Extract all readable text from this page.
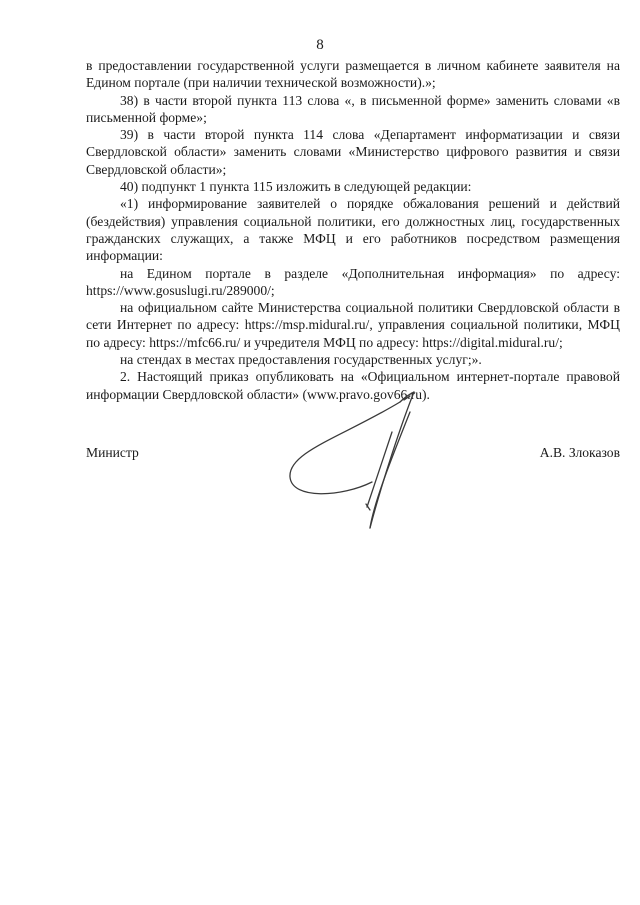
8

в предоставлении государственной услуги размещается в личном кабинете заявителя на Едином портале (при наличии технической возможности).»;

38) в части второй пункта 113 слова «, в письменной форме» заменить словами «в письменной форме»;

39) в части второй пункта 114 слова «Департамент информатизации и связи Свердловской области» заменить словами «Министерство цифрового развития и связи Свердловской области»;

40) подпункт 1 пункта 115 изложить в следующей редакции:

«1) информирование заявителей о порядке обжалования решений и действий (бездействия) управления социальной политики, его должностных лиц, государственных гражданских служащих, а также МФЦ и его работников посредством размещения информации:

на Едином портале в разделе «Дополнительная информация» по адресу: https://www.gosuslugi.ru/289000/;

на официальном сайте Министерства социальной политики Свердловской области в сети Интернет по адресу: https://msp.midural.ru/, управления социальной политики, МФЦ по адресу: https://mfc66.ru/ и учредителя МФЦ по адресу: https://digital.midural.ru/;

на стендах в местах предоставления государственных услуг;».

2. Настоящий приказ опубликовать на «Официальном интернет-портале правовой информации Свердловской области» (www.pravo.gov66.ru).

Министр	А.В. Злоказов
